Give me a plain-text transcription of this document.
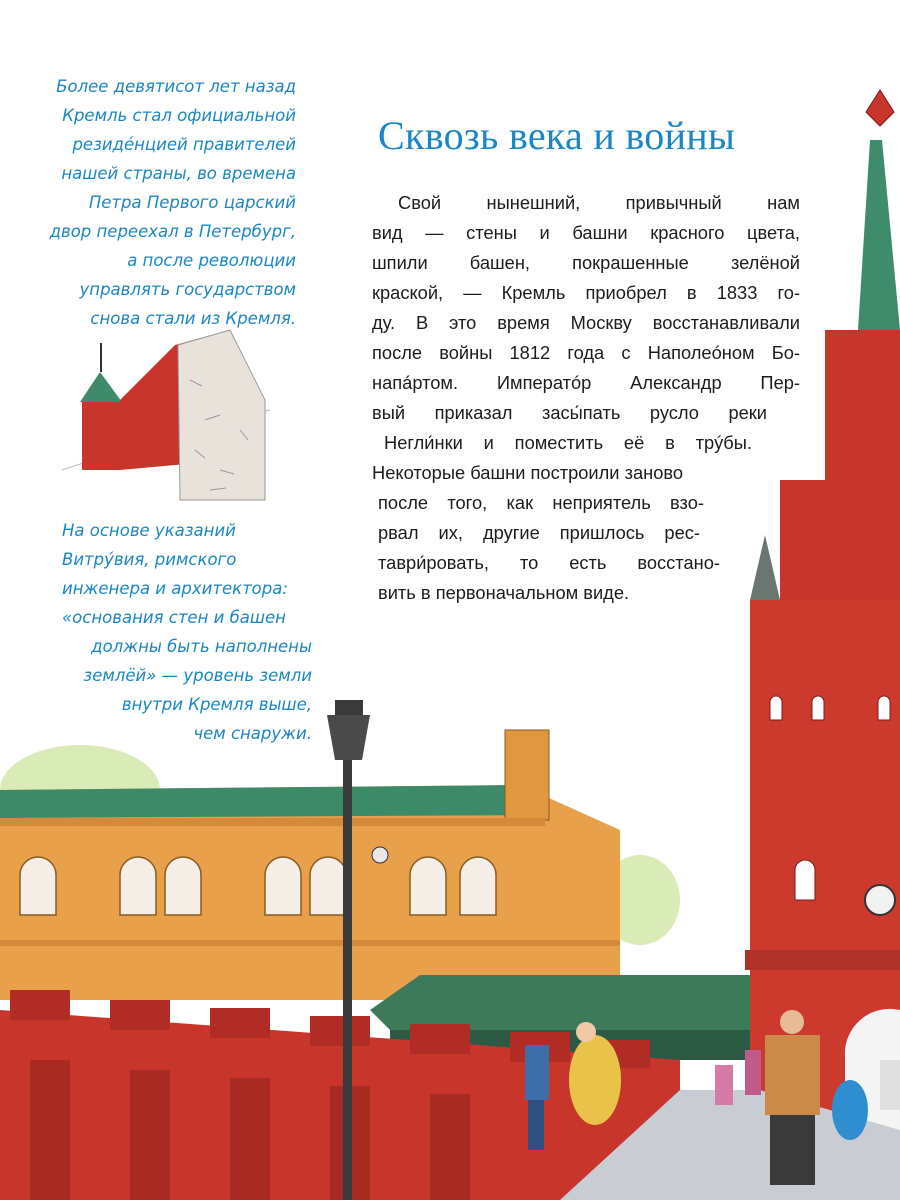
Более девятисот лет назад
Кремль стал официальной
резидéнцией правителей
нашей страны, во времена
Петра Первого царский
двор переехал в Петербург,
а после революции
управлять государством
снова стали из Кремля.

На основе указаний
Витрýвия, римского
инженера и архитектора:
«основания стен и башен
должны быть наполнены
землёй» — уровень земли
внутри Кремля выше,
чем снаружи.

Сквозь века и войны

Свой нынешний, привычный нам
вид — стены и башни красного цвета,
шпили башен, покрашенные зелёной
краской, — Кремль приобрел в 1833 го-
ду. В это время Москву восстанавливали
после войны 1812 года с Наполеóном Бо-
напáртом. Императóр Александр Пер-
вый приказал засы́пать русло реки
Негли́нки и поместить её в трýбы.
Некоторые башни построили заново
после того, как неприятель взо-
рвал их, другие пришлось рес-
таври́ровать, то есть восстано-
вить в первоначальном виде.
